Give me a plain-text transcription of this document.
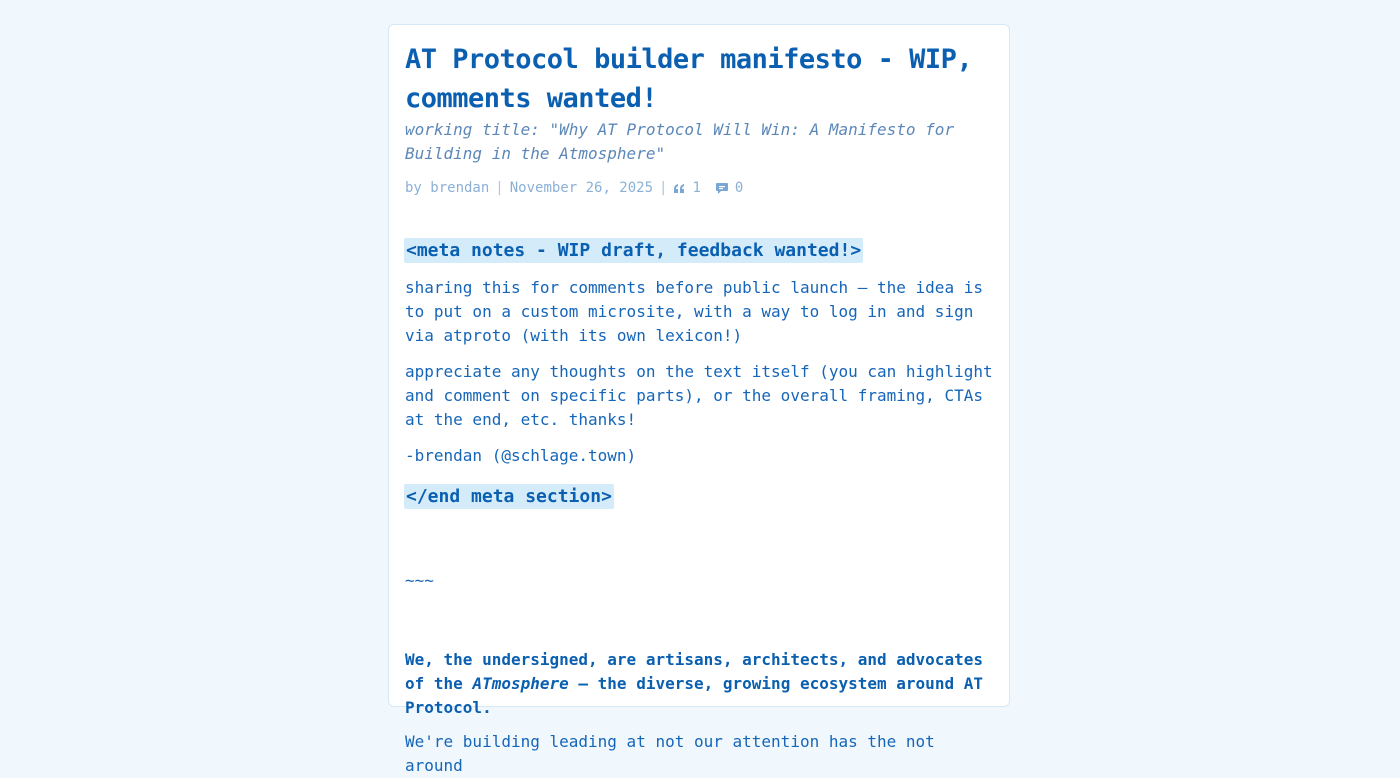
AT Protocol builder manifesto - WIP, comments wanted!
working title: "Why AT Protocol Will Win: A Manifesto for Building in the Atmosphere"
by brendan | November 26, 2025 | 1 0
<meta notes - WIP draft, feedback wanted!>

sharing this for comments before public launch — the idea is to put on a custom microsite, with a way to log in and sign via atproto (with its own lexicon!)

appreciate any thoughts on the text itself (you can highlight and comment on specific parts), or the overall framing, CTAs at the end, etc. thanks!

-brendan (@schlage.town)

</end meta section>
~~~
We, the undersigned, are artisans, architects, and advocates of the ATmosphere — the diverse, growing ecosystem around AT Protocol.

We're building leading at not our attention has the not around
